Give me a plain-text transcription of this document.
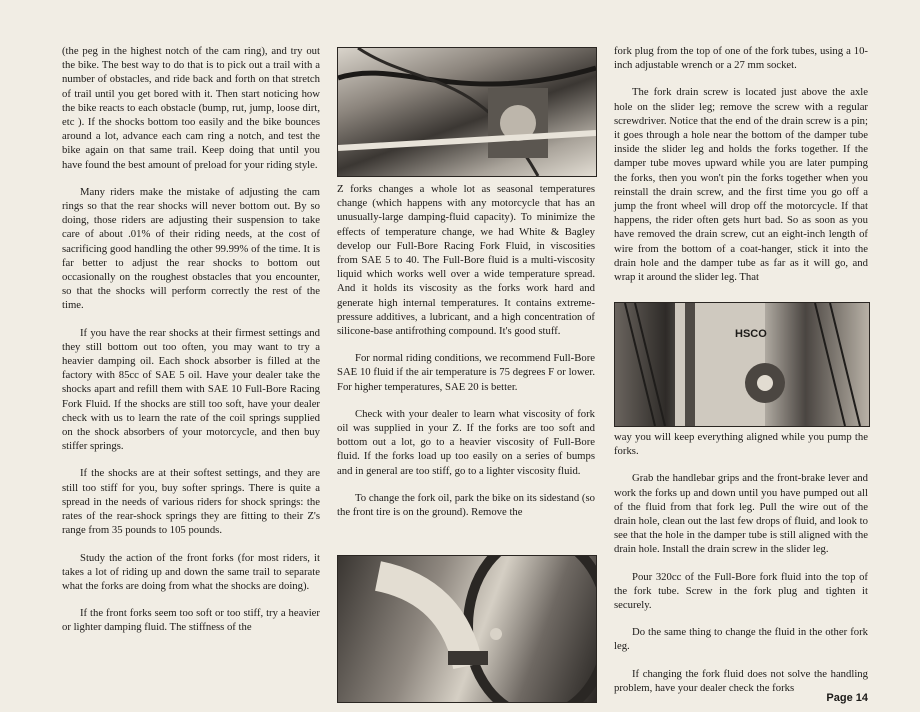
(the peg in the highest notch of the cam ring), and try out the bike. The best way to do that is to pick out a trail with a number of obstacles, and ride back and forth on that stretch of trail until you get bored with it. Then start noticing how the bike reacts to each obstacle (bump, rut, jump, loose dirt, etc ). If the shocks bottom too easily and the bike bounces around a lot, advance each cam ring a notch, and test the bike again on that same trail. Keep doing that until you have found the best amount of preload for your riding style.

Many riders make the mistake of adjusting the cam rings so that the rear shocks will never bottom out. By so doing, those riders are adjusting their suspension to take care of about .01% of their riding needs, at the cost of sacrificing good handling the other 99.99% of the time. It is far better to adjust the rear shocks to bottom out occasionally on the roughest obstacles that you encounter, so that the shocks will perform correctly the rest of the time.

If you have the rear shocks at their firmest settings and they still bottom out too often, you may want to try a heavier damping oil. Each shock absorber is filled at the factory with 85cc of SAE 5 oil. Have your dealer take the shocks apart and refill them with SAE 10 Full-Bore Racing Fork Fluid. If the shocks are still too soft, have your dealer check with us to learn the rate of the coil springs supplied on the shock absorbers of your motorcycle, and then buy stiffer springs.

If the shocks are at their softest settings, and they are still too stiff for you, buy softer springs. There is quite a spread in the needs of various riders for shock springs: the rates of the rear-shock springs they are fitting to their Z's range from 35 pounds to 105 pounds.

Study the action of the front forks (for most riders, it takes a lot of riding up and down the same trail to separate what the forks are doing from what the shocks are doing).

If the front forks seem too soft or too stiff, try a heavier or lighter damping fluid. The stiffness of the

Z forks changes a whole lot as seasonal temperatures change (which happens with any motorcycle that has an unusually-large damping-fluid capacity). To minimize the effects of temperature change, we had White & Bagley develop our Full-Bore Racing Fork Fluid, in viscosities from SAE 5 to 40. The Full-Bore fluid is a multi-viscosity liquid which works well over a wide temperature spread. And it holds its viscosity as the forks work hard and generate high internal temperatures. It contains extreme-pressure additives, a lubricant, and a high concentration of silicone-base antifrothing compound. It's good stuff.

For normal riding conditions, we recommend Full-Bore SAE 10 fluid if the air temperature is 75 degrees F or lower. For higher temperatures, SAE 20 is better.

Check with your dealer to learn what viscosity of fork oil was supplied in your Z. If the forks are too soft and bottom out a lot, go to a heavier viscosity of Full-Bore fluid. If the forks load up too easily on a series of bumps and in general are too stiff, go to a lighter viscosity fluid.

To change the fork oil, park the bike on its sidestand (so the front tire is on the ground). Remove the

fork plug from the top of one of the fork tubes, using a 10-inch adjustable wrench or a 27 mm socket.

The fork drain screw is located just above the axle hole on the slider leg; remove the screw with a regular screwdriver. Notice that the end of the drain screw is a pin; it goes through a hole near the bottom of the damper tube inside the slider leg and holds the forks together. If the damper tube moves upward while you are later pumping the forks, then you won't pin the forks together when you reinstall the drain screw, and the first time you go off a jump the front wheel will drop off the motorcycle. If that happens, the rider often gets hurt bad. So as soon as you have removed the drain screw, cut an eight-inch length of wire from the bottom of a coat-hanger, stick it into the drain hole and the damper tube as far as it will go, and wrap it around the slider leg. That

HSCO

way you will keep everything aligned while you pump the forks.

Grab the handlebar grips and the front-brake lever and work the forks up and down until you have pumped out all of the fluid from that fork leg. Pull the wire out of the drain hole, clean out the last few drops of fluid, and look to see that the hole in the damper tube is still aligned with the drain hole. Install the drain screw in the slider leg.

Pour 320cc of the Full-Bore fork fluid into the top of the fork tube. Screw in the fork plug and tighten it securely.

Do the same thing to change the fluid in the other fork leg.

If changing the fork fluid does not solve the handling problem, have your dealer check the forks

Page 14
